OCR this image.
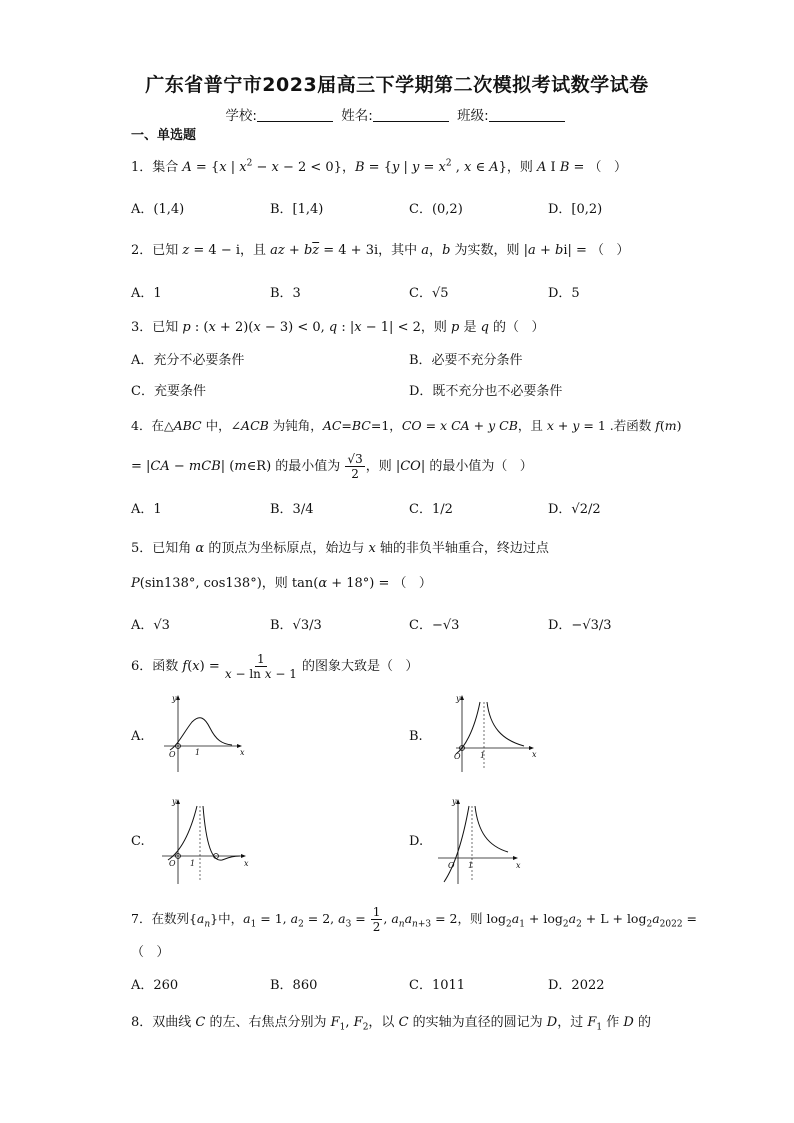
广东省普宁市2023届高三下学期第二次模拟考试数学试卷
学校:	姓名:	班级:
一、单选题
1．集合 A = {x | $x^2 - x - 2 < 0$}，B = {y | $y = x^2$ , x ∈ A}，则 A I B = （   ）
A．(1,4)	B．[1,4)	C．(0,2)	D．[0,2)
2．已知 z = 4 − i，且 az + $b\overline{z} = 4 + 3i$，其中 a，b 为实数，则 |a + bi| = （   ）
A．1	B．3	C．√5	D．5
3．已知 p : (x + 2)(x − 3) < 0, q : |x − 1| < 2，则 p 是 q 的（   ）
A．充分不必要条件	B．必要不充分条件
C．充要条件	D．既不充分也不必要条件
4．在△ABC 中，∠ACB 为钝角，AC=BC=1，CO = x CA + y CB，且 x + y = 1 .若函数 f(m)
= |CA − mCB| (m∈R) 的最小值为 $\frac{√3}{2}$ ，则 |CO| 的最小值为（   ）
A．1	B．3/4	C．1/2	D．√2/2
5．已知角 α 的顶点为坐标原点，始边与 x 轴的非负半轴重合，终边过点
P(sin138°, cos138°)，则 tan(α + 18°) = （   ）
A．√3	B．√3/3	C．−√3	D．−√3/3
6．函数 $f(x) = \frac{1}{\text{x − ln x − 1}}$ 的图象大致是（   ）
A.	B.
C.	D.
y
x
O 1
y
x
O 1
y
x
O 1
y
x
O 1
7．在数列$\{a_n\}$中，$a_1 = 1$, $a_2 = 2$, $a_3 = \frac{1}{2}$ , $a_na_{n+3} = 2$，则 $\log_2a_1 + \log_2a_2 + L + \log_2a_{2022}$ =
（   ）
A．260	B．860	C．1011	D．2022
8．双曲线 C 的左、右焦点分别为 $F_1$, $F_2$，以 C 的实轴为直径的圆记为 D，过 $F_1$ 作 D 的
